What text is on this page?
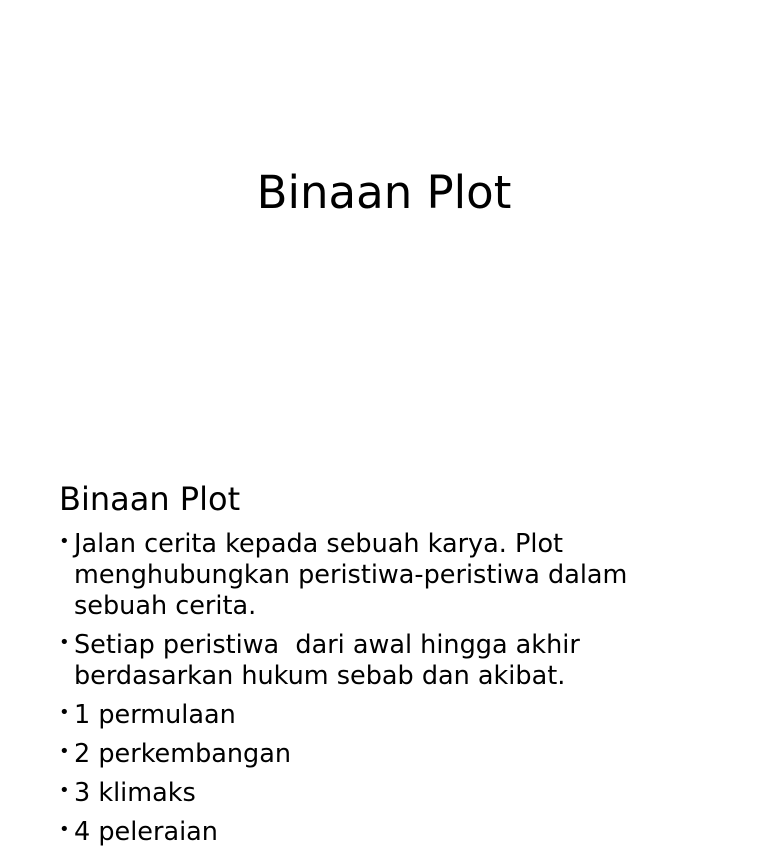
Binaan Plot
Binaan Plot
• Jalan cerita kepada sebuah karya. Plot menghubungkan peristiwa-peristiwa dalam sebuah cerita.
• Setiap peristiwa  dari awal hingga akhir berdasarkan hukum sebab dan akibat.
• 1 permulaan
• 2 perkembangan
• 3 klimaks
• 4 peleraian
